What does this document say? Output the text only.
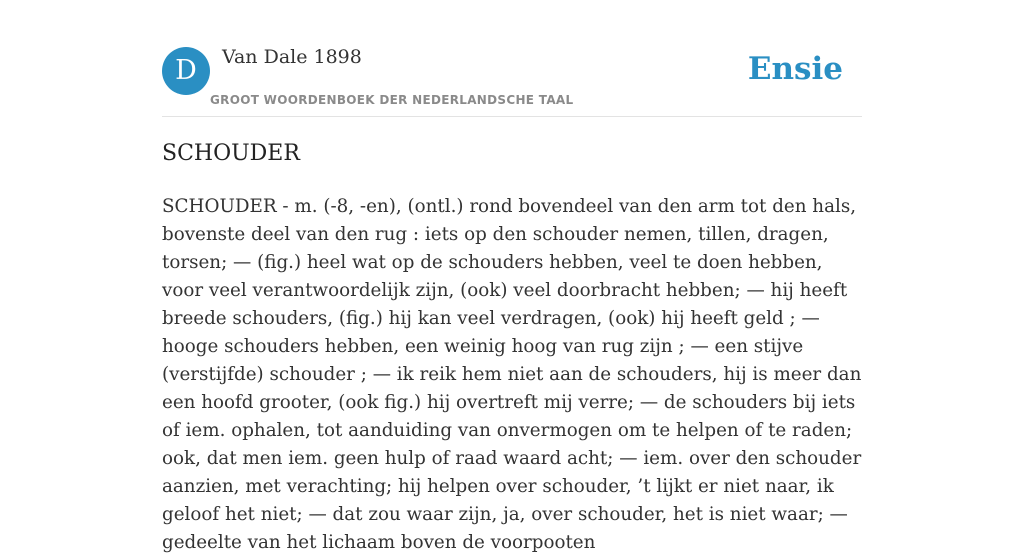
D	Van Dale 1898
GROOT WOORDENBOEK DER NEDERLANDSCHE TAAL
Ensie
SCHOUDER

SCHOUDER - m. (-8, -en), (ontl.) rond bovendeel van den arm tot den hals, bovenste deel van den rug : iets op den schouder nemen, tillen, dragen, torsen; — (fig.) heel wat op de schouders hebben, veel te doen hebben, voor veel verantwoordelijk zijn, (ook) veel doorbracht hebben; — hij heeft breede schouders, (fig.) hij kan veel verdragen, (ook) hij heeft geld ; — hooge schouders hebben, een weinig hoog van rug zijn ; — een stijve (verstijfde) schouder ; — ik reik hem niet aan de schouders, hij is meer dan een hoofd grooter, (ook fig.) hij overtreft mij verre; — de schouders bij iets of iem. ophalen, tot aanduiding van onvermogen om te helpen of te raden; ook, dat men iem. geen hulp of raad waard acht; — iem. over den schouder aanzien, met verachting; hij helpen over schouder, ’t lijkt er niet naar, ik geloof het niet; — dat zou waar zijn, ja, over schouder, het is niet waar; — gedeelte van het lichaam boven de voorpooten
